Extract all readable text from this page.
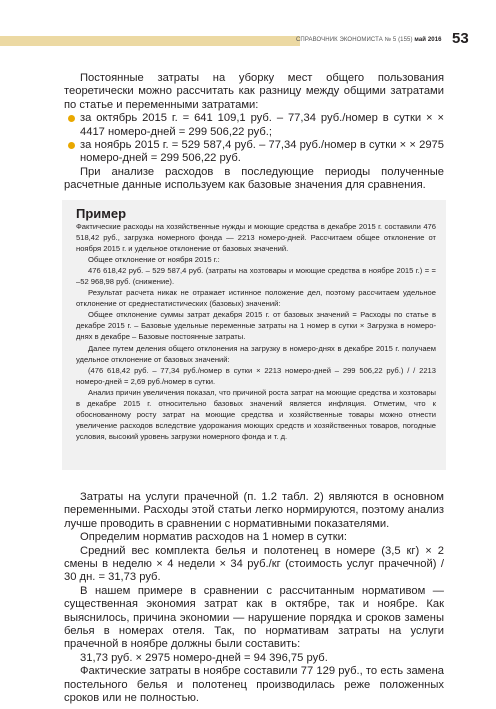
СПРАВОЧНИК ЭКОНОМИСТА № 5 (155) май 2016 53

Постоянные затраты на уборку мест общего пользования теоретически можно рассчитать как разницу между общими затратами по статье и переменными затратами:

за октябрь 2015 г. = 641 109,1 руб. – 77,34 руб./номер в сутки × × 4417 номеро-дней = 299 506,22 руб.;
за ноябрь 2015 г. = 529 587,4 руб. – 77,34 руб./номер в сутки × × 2975 номеро-дней = 299 506,22 руб.

При анализе расходов в последующие периоды полученные расчетные данные используем как базовые значения для сравнения.

Пример

Фактические расходы на хозяйственные нужды и моющие средства в декабре 2015 г. составили 476 518,42 руб., загрузка номерного фонда — 2213 номеро-дней. Рассчитаем общее отклонение от ноября 2015 г. и удельное отклонение от базовых значений.

Общее отклонение от ноября 2015 г.:

476 618,42 руб. – 529 587,4 руб. (затраты на хозтовары и моющие средства в ноябре 2015 г.) = = –52 968,98 руб. (снижение).

Результат расчета никак не отражает истинное положение дел, поэтому рассчитаем удельное отклонение от среднестатистических (базовых) значений:

Общее отклонение суммы затрат декабря 2015 г. от базовых значений = Расходы по статье в декабре 2015 г. – Базовые удельные переменные затраты на 1 номер в сутки × Загрузка в номеро-днях в декабре – Базовые постоянные затраты.

Далее путем деления общего отклонения на загрузку в номеро-днях в декабре 2015 г. получаем удельное отклонение от базовых значений:

(476 618,42 руб. – 77,34 руб./номер в сутки × 2213 номеро-дней – 299 506,22 руб.) / / 2213 номеро-дней = 2,69 руб./номер в сутки.

Анализ причин увеличения показал, что причиной роста затрат на моющие средства и хозтовары в декабре 2015 г. относительно базовых значений является инфляция. Отметим, что к обоснованному росту затрат на моющие средства и хозяйственные товары можно отнести увеличение расходов вследствие удорожания моющих средств и хозяйственных товаров, погодные условия, высокий уровень загрузки номерного фонда и т. д.

Затраты на услуги прачечной (п. 1.2 табл. 2) являются в основном переменными. Расходы этой статьи легко нормируются, поэтому анализ лучше проводить в сравнении с нормативными показателями.

Определим норматив расходов на 1 номер в сутки:

Средний вес комплекта белья и полотенец в номере (3,5 кг) × 2 смены в неделю × 4 недели × 34 руб./кг (стоимость услуг прачечной) / 30 дн. = 31,73 руб.

В нашем примере в сравнении с рассчитанным нормативом — существенная экономия затрат как в октябре, так и ноябре. Как выяснилось, причина экономии — нарушение порядка и сроков замены белья в номерах отеля. Так, по нормативам затраты на услуги прачечной в ноябре должны были составить:

31,73 руб. × 2975 номеро-дней = 94 396,75 руб.

Фактические затраты в ноябре составили 77 129 руб., то есть замена постельного белья и полотенец производилась реже положенных сроков или не полностью.
